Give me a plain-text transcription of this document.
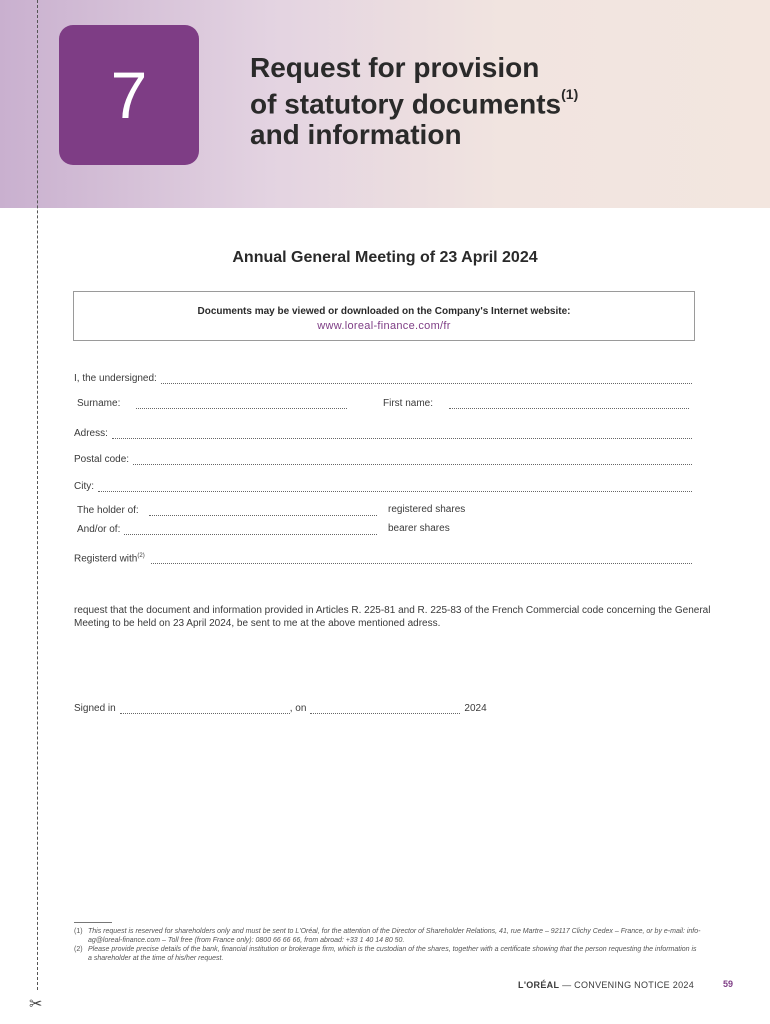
7	Request for provision
of statutory documents$^{(1)}$
and information
✂
Annual General Meeting of 23 April 2024
Documents may be viewed or downloaded on the Company's Internet website:
www.loreal-finance.com/fr
I, the undersigned:
Surname:	First name:
Adress:
Postal code:
City:
The holder of:	registered shares
And/or of:	bearer shares
Registerd with$^{(2)}$
request that the document and information provided in Articles R. 225-81 and R. 225-83 of the French Commercial code concerning the General Meeting to be held on 23 April 2024, be sent to me at the above mentioned adress.
Signed in	, on	2024
(1) This request is reserved for shareholders only and must be sent to L'Oréal, for the attention of the Director of Shareholder Relations, 41, rue Martre – 92117 Clichy Cedex – France, or by e-mail: info-ag@loreal-finance.com – Toll free (from France only): 0800 66 66 66, from abroad: +33 1 40 14 80 50.
(2) Please provide precise details of the bank, financial institution or brokerage firm, which is the custodian of the shares, together with a certificate showing that the person requesting the information is a shareholder at the time of his/her request.
L'ORÉAL — CONVENING NOTICE 2024	59
